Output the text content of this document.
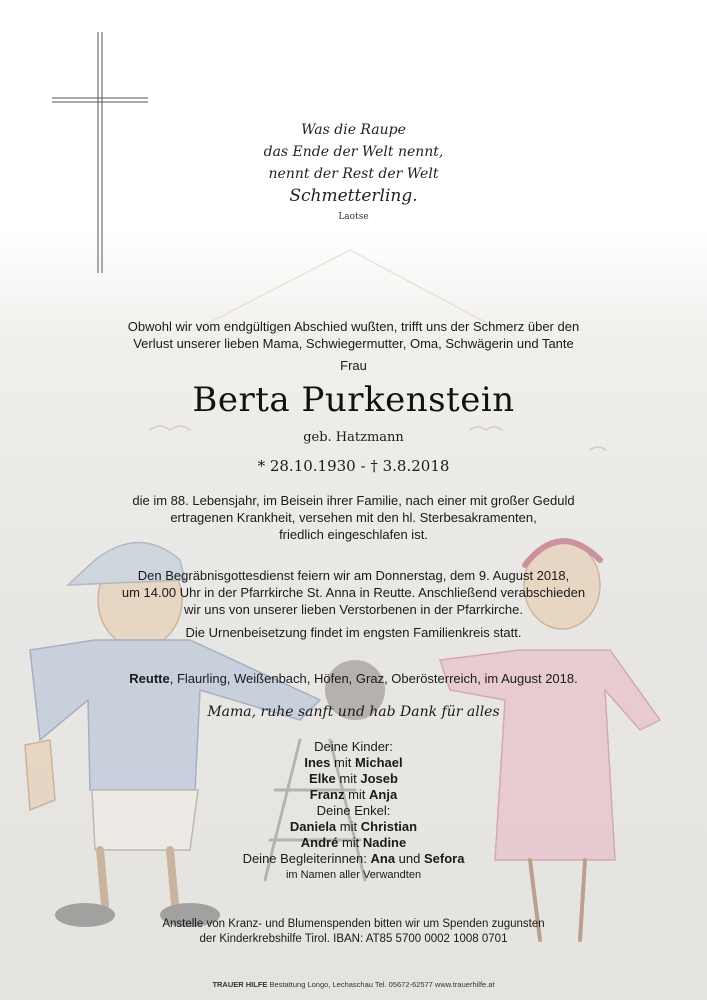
Was die Raupe
das Ende der Welt nennt,
nennt der Rest der Welt
Schmetterling.
Laotse
Obwohl wir vom endgültigen Abschied wußten, trifft uns der Schmerz über den
Verlust unserer lieben Mama, Schwiegermutter, Oma, Schwägerin und Tante
Frau
Berta Purkenstein
geb. Hatzmann
* 28.10.1930 - † 3.8.2018
die im 88. Lebensjahr, im Beisein ihrer Familie, nach einer mit großer Geduld
ertragenen Krankheit, versehen mit den hl. Sterbesakramenten,
friedlich eingeschlafen ist.
Den Begräbnisgottesdienst feiern wir am Donnerstag, dem 9. August 2018,
um 14.00 Uhr in der Pfarrkirche St. Anna in Reutte. Anschließend verabschieden
wir uns von unserer lieben Verstorbenen in der Pfarrkirche.
Die Urnenbeisetzung findet im engsten Familienkreis statt.
Reutte, Flaurling, Weißenbach, Höfen, Graz, Oberösterreich, im August 2018.
Mama, ruhe sanft und hab Dank für alles
Deine Kinder:
Ines mit Michael
Elke mit Joseb
Franz mit Anja
Deine Enkel:
Daniela mit Christian
André mit Nadine
Deine Begleiterinnen: Ana und Sefora
im Namen aller Verwandten
Anstelle von Kranz- und Blumenspenden bitten wir um Spenden zugunsten
der Kinderkrebshilfe Tirol. IBAN: AT85 5700 0002 1008 0701
TRAUER HILFE Bestattung Longo, Lechaschau Tel. 05672-62577 www.trauerhilfe.at
